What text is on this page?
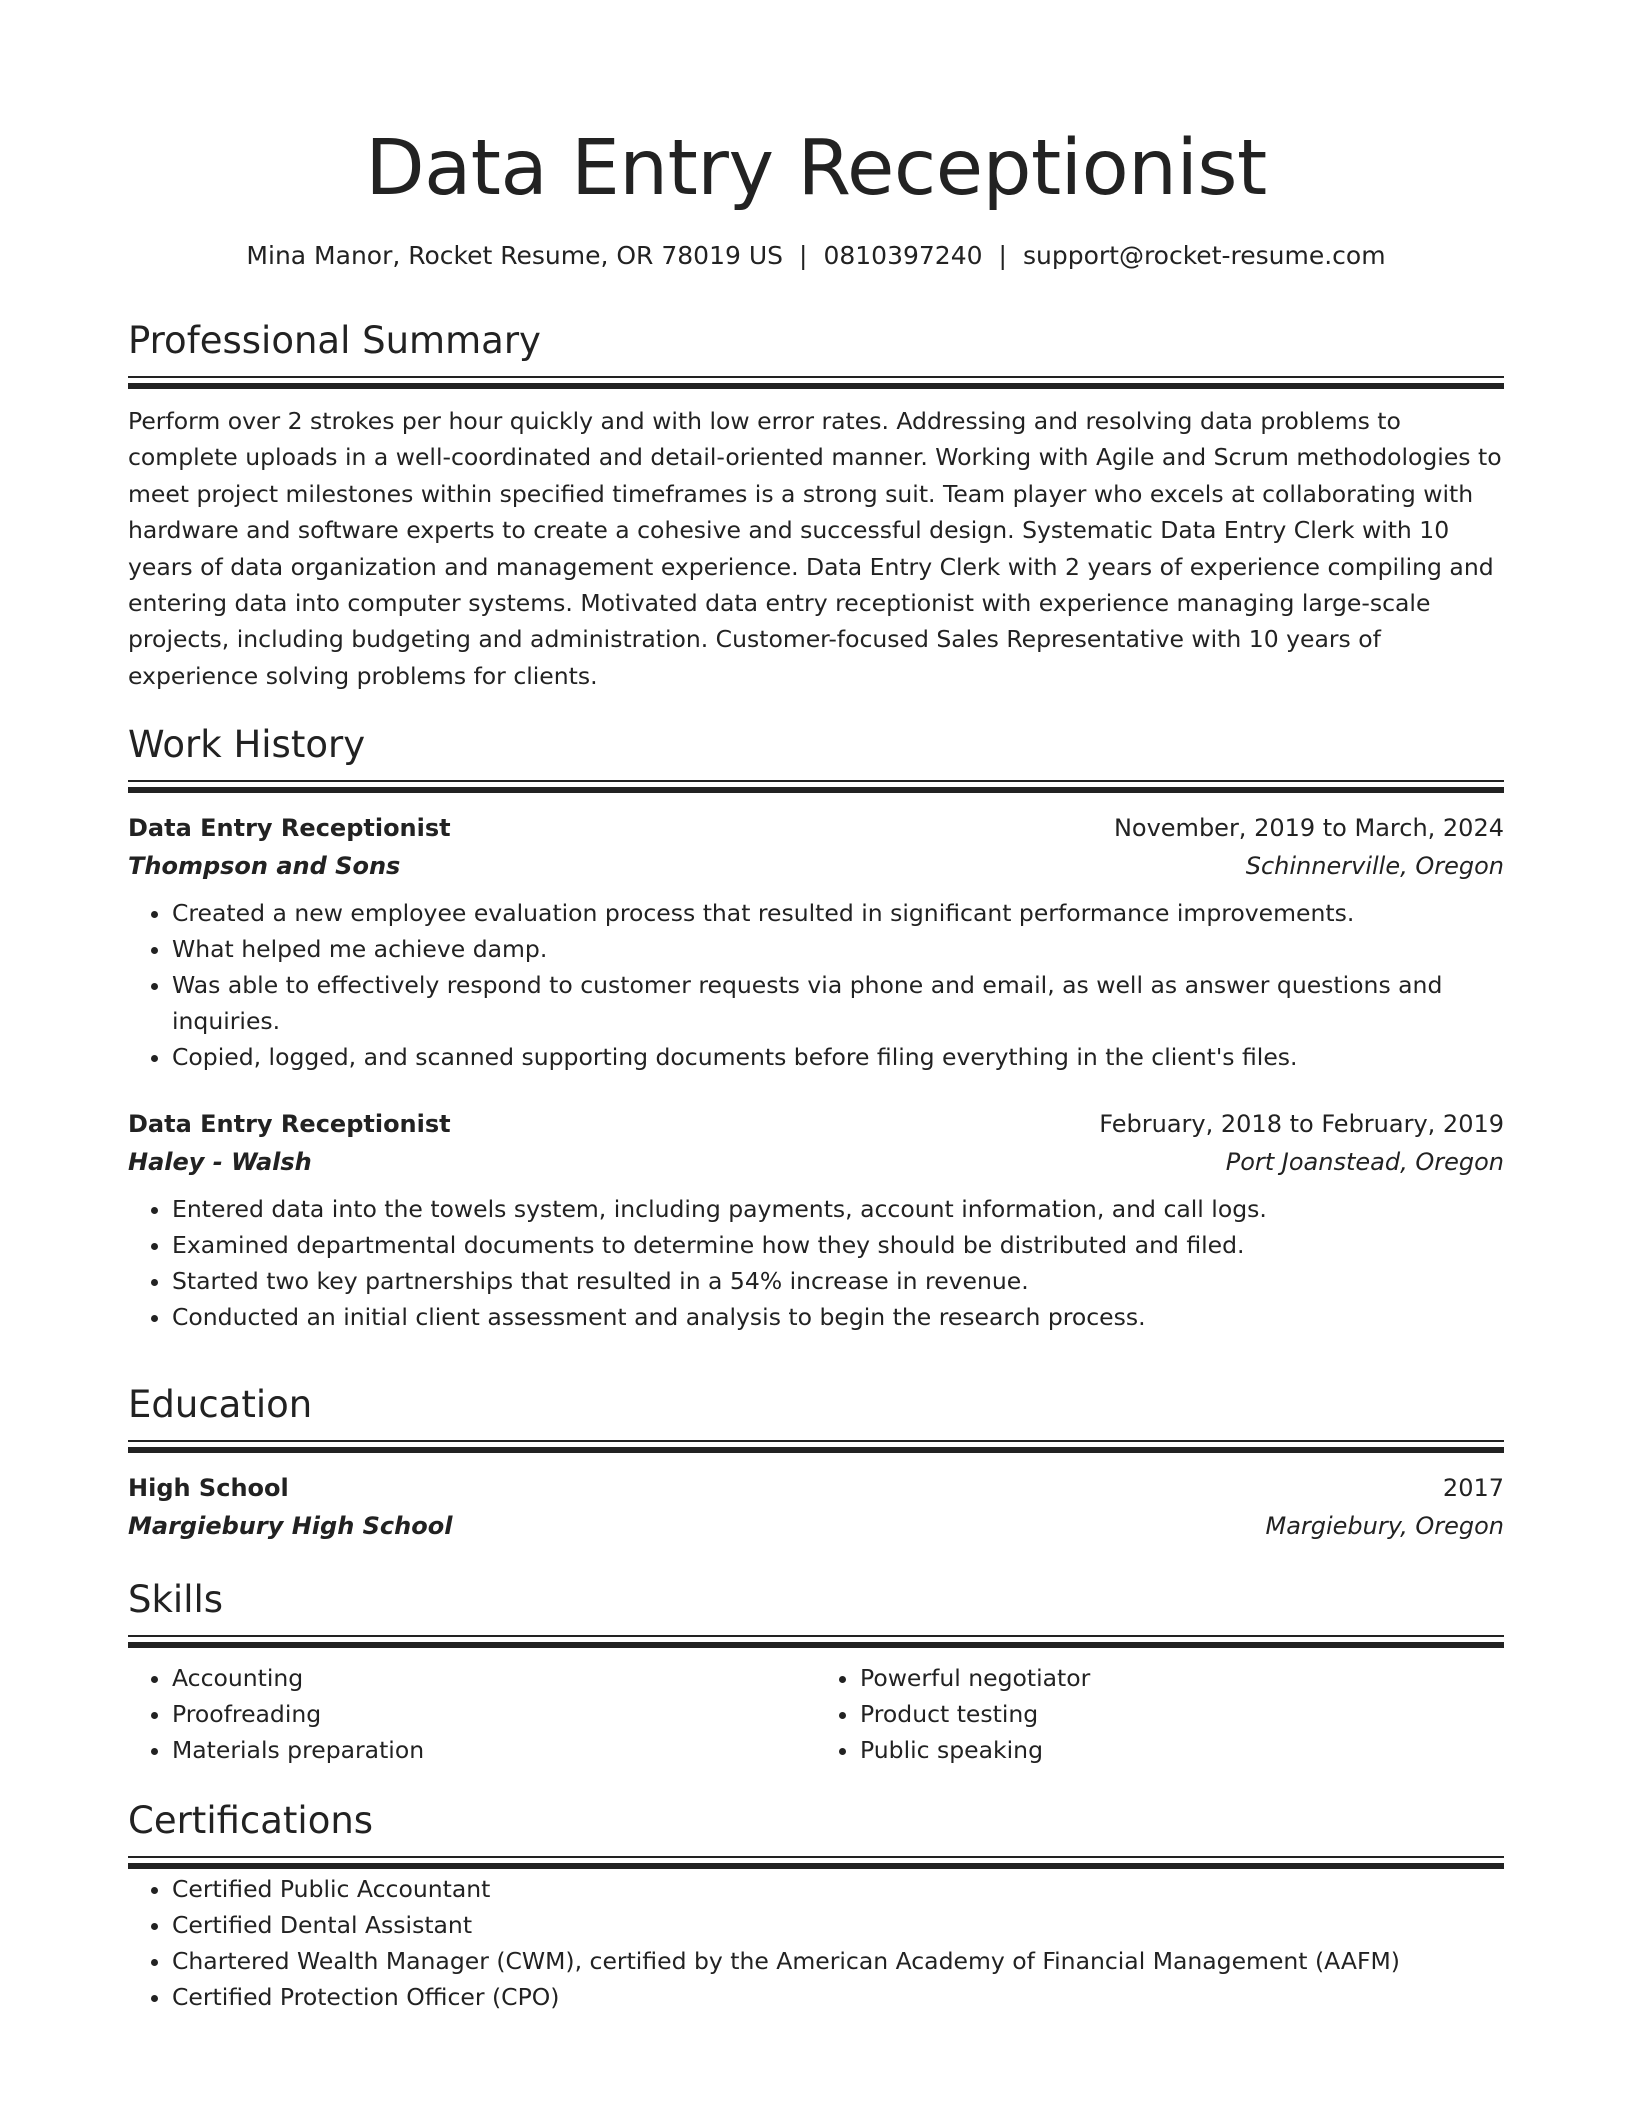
Data Entry Receptionist
Mina Manor, Rocket Resume, OR 78019 US | 0810397240 | support@rocket-resume.com
Professional Summary

Perform over 2 strokes per hour quickly and with low error rates. Addressing and resolving data problems to complete uploads in a well-coordinated and detail-oriented manner. Working with Agile and Scrum methodologies to meet project milestones within specified timeframes is a strong suit. Team player who excels at collaborating with hardware and software experts to create a cohesive and successful design. Systematic Data Entry Clerk with 10 years of data organization and management experience. Data Entry Clerk with 2 years of experience compiling and entering data into computer systems. Motivated data entry receptionist with experience managing large-scale projects, including budgeting and administration. Customer-focused Sales Representative with 10 years of experience solving problems for clients.

Work History
Data Entry Receptionist	November, 2019 to March, 2024
Thompson and Sons	Schinnerville, Oregon
• Created a new employee evaluation process that resulted in significant performance improvements.
• What helped me achieve damp.
• Was able to effectively respond to customer requests via phone and email, as well as answer questions and inquiries.
• Copied, logged, and scanned supporting documents before filing everything in the client's files.
Data Entry Receptionist	February, 2018 to February, 2019
Haley - Walsh	Port Joanstead, Oregon
• Entered data into the towels system, including payments, account information, and call logs.
• Examined departmental documents to determine how they should be distributed and filed.
• Started two key partnerships that resulted in a 54% increase in revenue.
• Conducted an initial client assessment and analysis to begin the research process.
Education
High School	2017
Margiebury High School	Margiebury, Oregon
Skills
• Accounting
• Proofreading
• Materials preparation
• Powerful negotiator
• Product testing
• Public speaking
Certifications
• Certified Public Accountant
• Certified Dental Assistant
• Chartered Wealth Manager (CWM), certified by the American Academy of Financial Management (AAFM)
• Certified Protection Officer (CPO)
